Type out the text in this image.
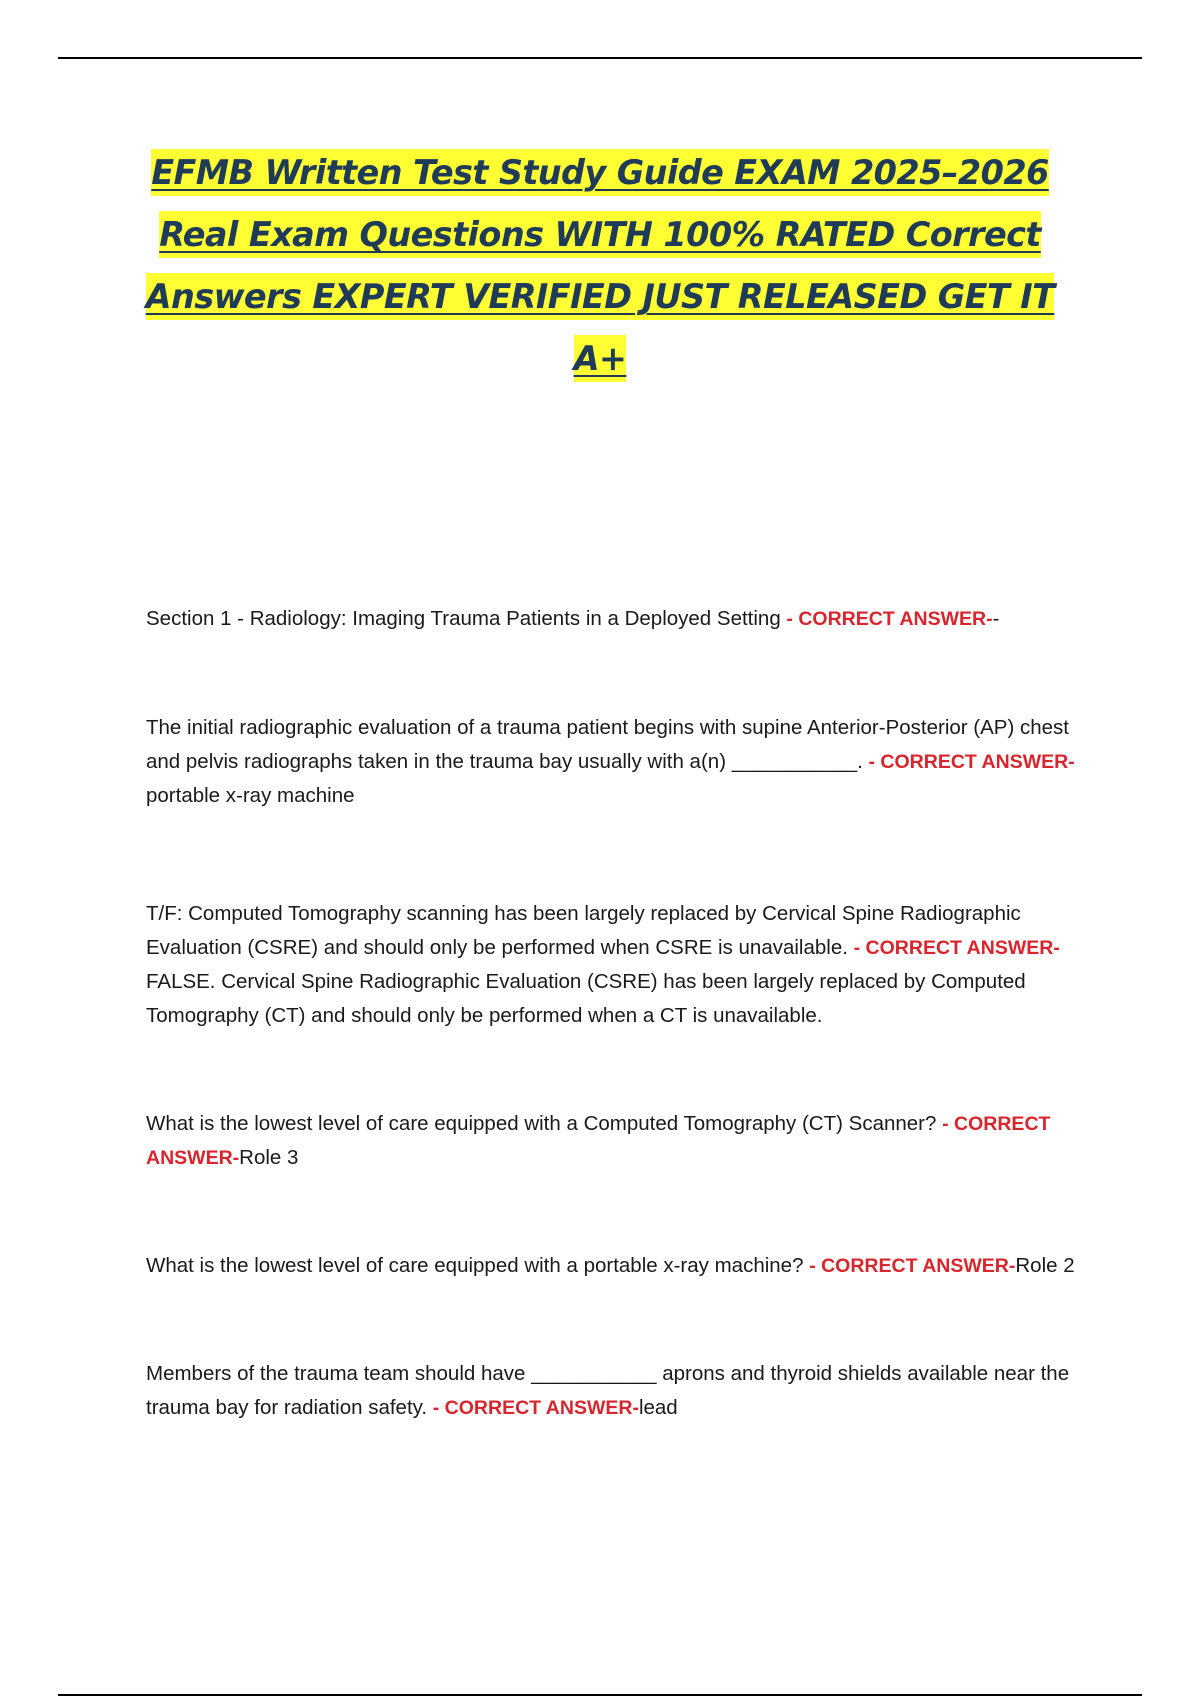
EFMB Written Test Study Guide EXAM 2025–2026 Real Exam Questions WITH 100% RATED Correct Answers EXPERT VERIFIED JUST RELEASED GET IT A+

Section 1 - Radiology: Imaging Trauma Patients in a Deployed Setting - CORRECT ANSWER--

The initial radiographic evaluation of a trauma patient begins with supine Anterior-Posterior (AP) chest and pelvis radiographs taken in the trauma bay usually with a(n) ___________. - CORRECT ANSWER-portable x-ray machine

T/F: Computed Tomography scanning has been largely replaced by Cervical Spine Radiographic Evaluation (CSRE) and should only be performed when CSRE is unavailable. - CORRECT ANSWER-FALSE. Cervical Spine Radiographic Evaluation (CSRE) has been largely replaced by Computed Tomography (CT) and should only be performed when a CT is unavailable.

What is the lowest level of care equipped with a Computed Tomography (CT) Scanner? - CORRECT ANSWER-Role 3

What is the lowest level of care equipped with a portable x-ray machine? - CORRECT ANSWER-Role 2

Members of the trauma team should have ___________ aprons and thyroid shields available near the trauma bay for radiation safety. - CORRECT ANSWER-lead
